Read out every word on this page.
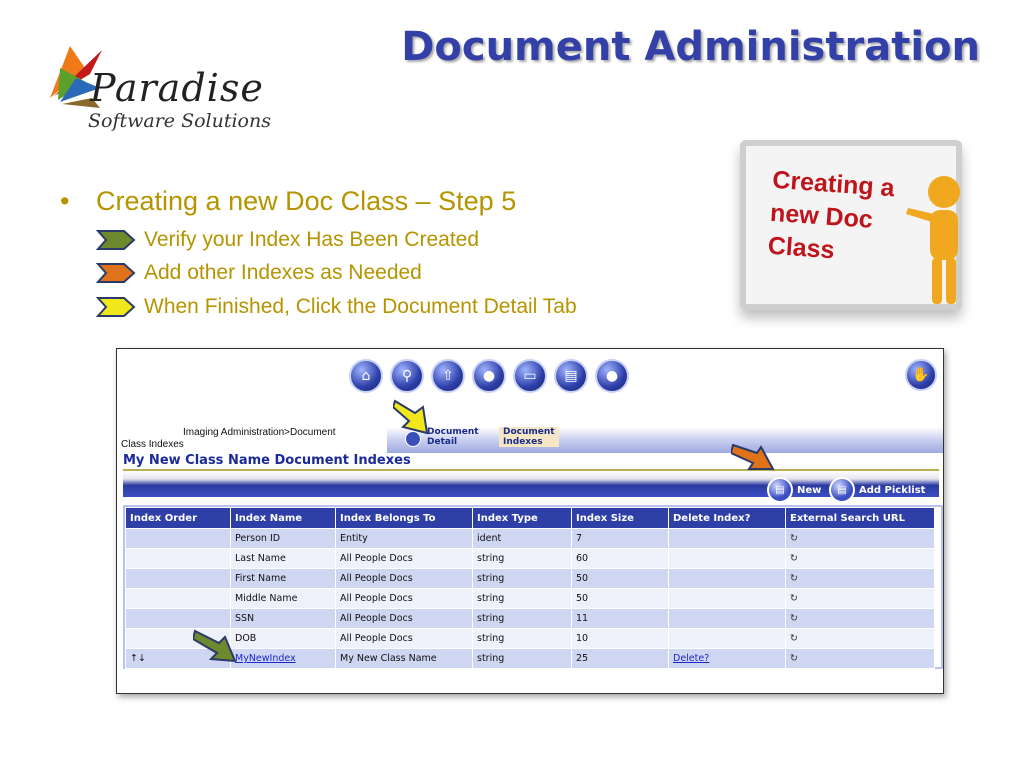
Paradise
Software Solutions
Document Administration
• Creating a new Doc Class – Step 5
Verify your Index Has Been Created
Add other Indexes as Needed
When Finished, Click the Document Detail Tab
Creating a
new Doc
Class
⌂	⚲	⇧	●	▭	▤	●	✋
Imaging Administration>Document
Class Indexes
Document
Detail
Document
Indexes
My New Class Name Document Indexes
▤	New	▤	Add Picklist
Index Order	Index Name	Index Belongs To	Index Type	Index Size	Delete Index?	External Search URL
	Person ID	Entity	ident	7		↻
	Last Name	All People Docs	string	60		↻
	First Name	All People Docs	string	50		↻
	Middle Name	All People Docs	string	50		↻
	SSN	All People Docs	string	11		↻
	DOB	All People Docs	string	10		↻
↑↓	MyNewIndex	My New Class Name	string	25	Delete?	↻
